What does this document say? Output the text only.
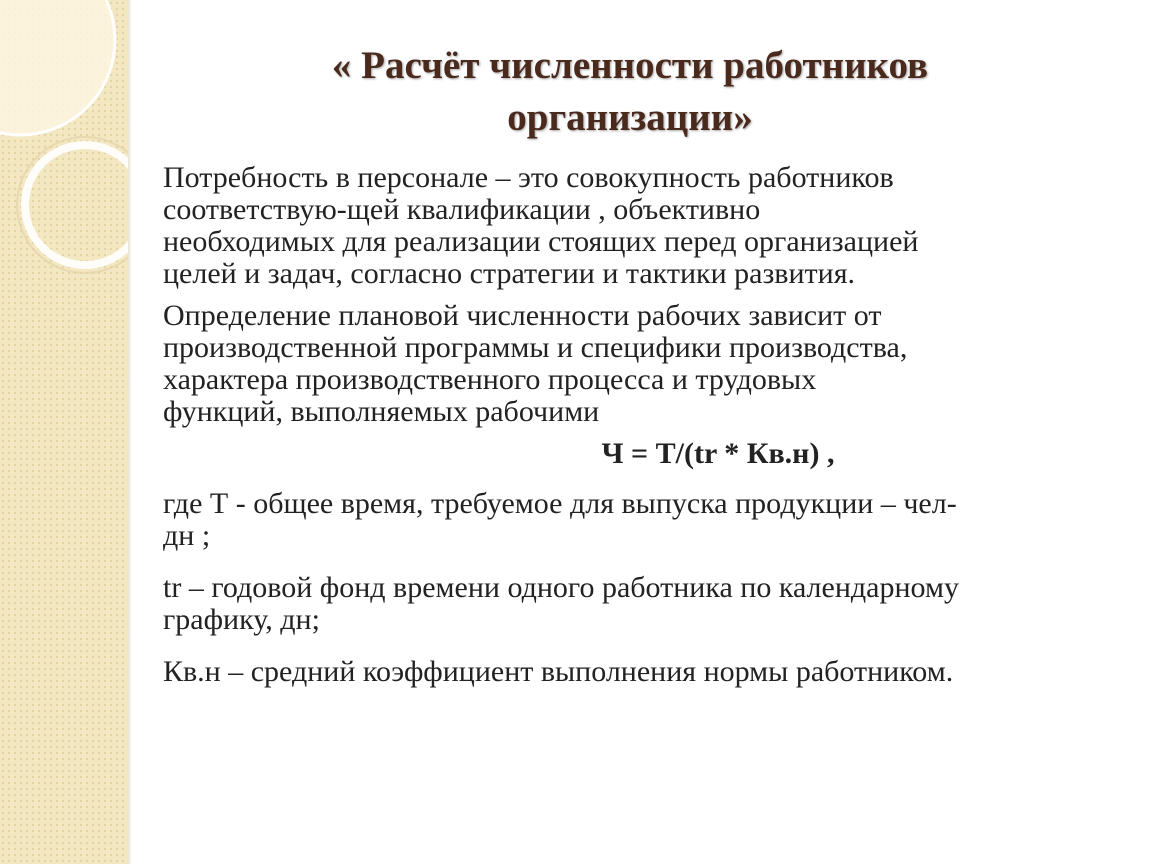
« Расчёт численности работников
организации»

Потребность в персонале – это совокупность работников
соответствую-щей квалификации , объективно
необходимых для реализации стоящих перед организацией
целей и задач, согласно стратегии и тактики развития.

Определение плановой численности рабочих зависит от
производственной программы и специфики производства,
характера производственного процесса и трудовых
функций, выполняемых рабочими

Ч = Т/(tr * Кв.н) ,

где Т - общее время, требуемое для выпуска продукции – чел-
дн ;

tr – годовой фонд времени одного работника по календарному
графику, дн;

Кв.н – средний коэффициент выполнения нормы работником.
